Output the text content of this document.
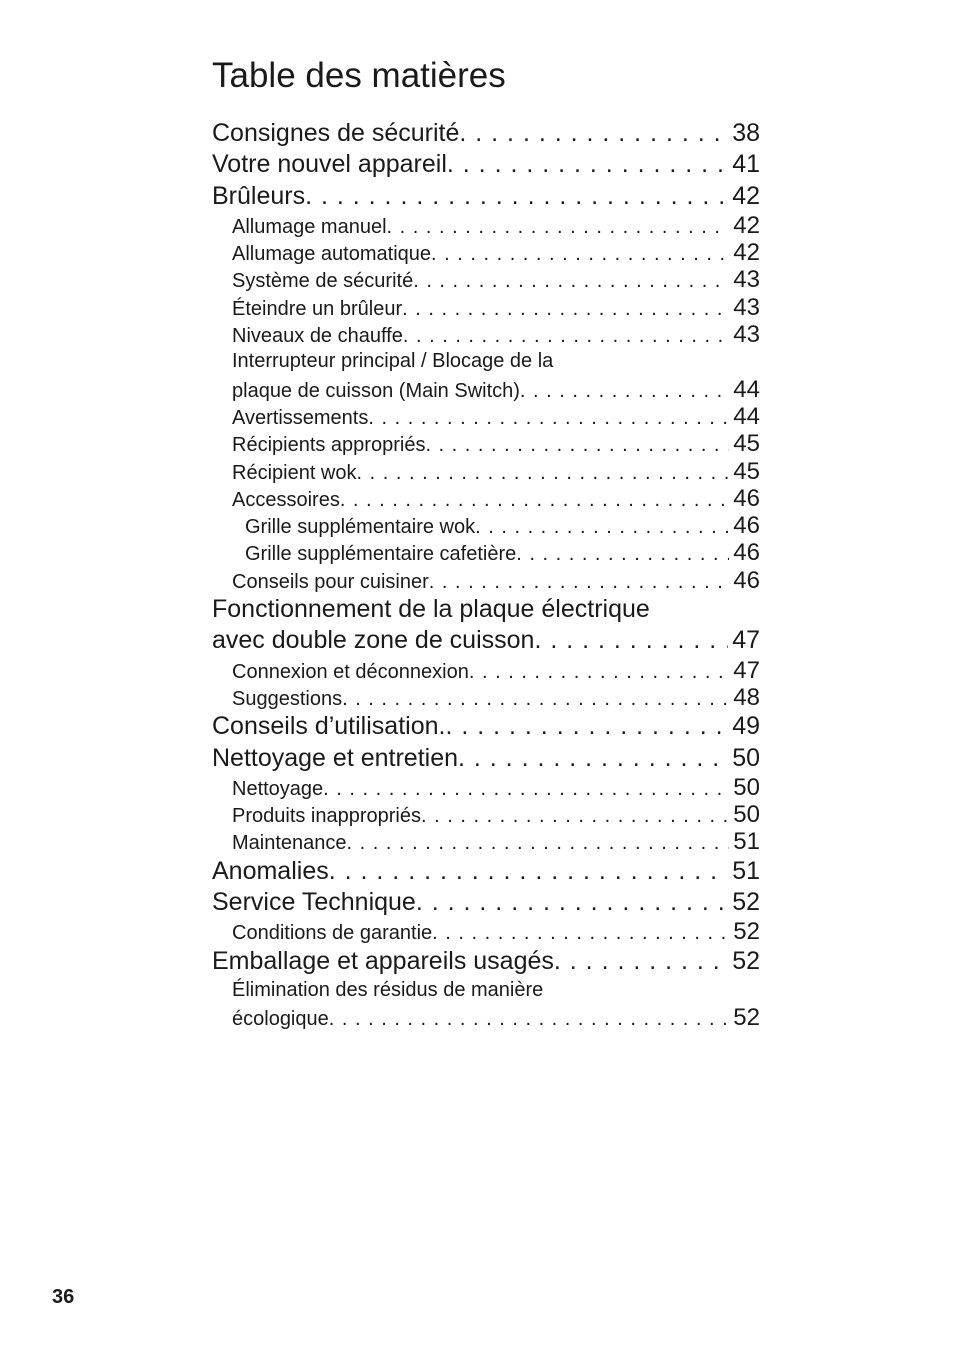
Table des matières
Consignes de sécurité . . .	38
Votre nouvel appareil . . .	41
Brûleurs . . .	42
Allumage manuel . . .	42
Allumage automatique . . .	42
Système de sécurité . . .	43
Éteindre un brûleur . . .	43
Niveaux de chauffe . . .	43
Interrupteur principal / Blocage de la
plaque de cuisson (Main Switch) . . .	44
Avertissements . . .	44
Récipients appropriés . . .	45
Récipient wok . . .	45
Accessoires . . .	46
Grille supplémentaire wok . . .	46
Grille supplémentaire cafetière . . .	46
Conseils pour cuisiner . . .	46
Fonctionnement de la plaque électrique
avec double zone de cuisson . . .	47
Connexion et déconnexion . . .	47
Suggestions . . .	48
Conseils d’utilisation. . . .	49
Nettoyage et entretien . . .	50
Nettoyage . . .	50
Produits inappropriés . . .	50
Maintenance . . .	51
Anomalies . . .	51
Service Technique . . .	52
Conditions de garantie . . .	52
Emballage et appareils usagés . . .	52
Élimination des résidus de manière
écologique . . .	52

36
